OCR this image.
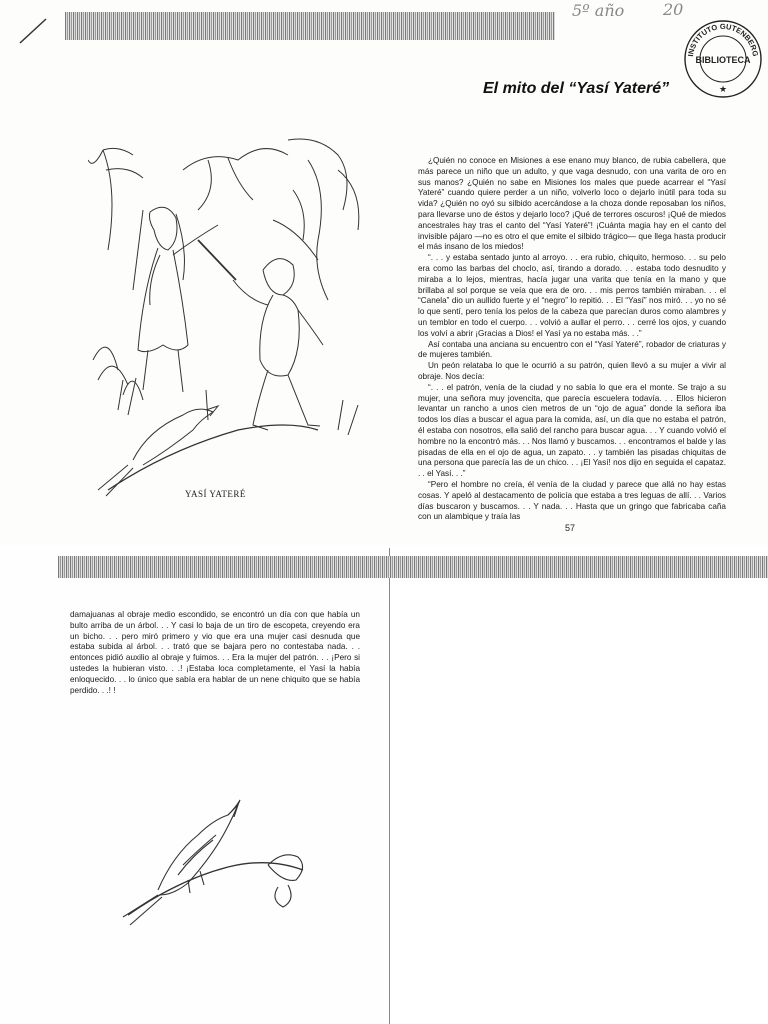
5º año 20
INSTITUTO GUTENBERG
BIBLIOTECA
★
El mito del “Yasí Yateré”
YASÍ YATERÉ

¿Quién no conoce en Misiones a ese enano muy blanco, de rubia cabellera, que más parece un niño que un adulto, y que vaga desnudo, con una varita de oro en sus manos? ¿Quién no sabe en Misiones los males que puede acarrear el “Yasí Yateré” cuando quiere perder a un niño, volverlo loco o dejarlo inútil para toda su vida? ¿Quién no oyó su silbido acercándose a la choza donde reposaban los niños, para llevarse uno de éstos y dejarlo loco? ¡Qué de terrores oscuros! ¡Qué de miedos ancestrales hay tras el canto del “Yasí Yateré”! ¡Cuánta magia hay en el canto del invisible pájaro —no es otro el que emite el silbido trágico— que llega hasta producir el más insano de los miedos!

“. . . y estaba sentado junto al arroyo. . . era rubio, chiquito, hermoso. . . su pelo era como las barbas del choclo, así, tirando a dorado. . . estaba todo desnudito y miraba a lo lejos, mientras, hacía jugar una varita que tenía en la mano y que brillaba al sol porque se veía que era de oro. . . mis perros también miraban. . . el “Canela” dio un aullido fuerte y el “negro” lo repitió. . . El “Yasí” nos miró. . . yo no sé lo que sentí, pero tenía los pelos de la cabeza que parecían duros como alambres y un temblor en todo el cuerpo. . . volvió a aullar el perro. . . cerré los ojos, y cuando los volví a abrir ¡Gracias a Dios! el Yasí ya no estaba más. . .”

Así contaba una anciana su encuentro con el “Yasí Yateré”, robador de criaturas y de mujeres también.

Un peón relataba lo que le ocurrió a su patrón, quien llevó a su mujer a vivir al obraje. Nos decía:

“. . . el patrón, venía de la ciudad y no sabía lo que era el monte. Se trajo a su mujer, una señora muy jovencita, que parecía escuelera todavía. . . Ellos hicieron levantar un rancho a unos cien metros de un “ojo de agua” donde la señora iba todos los días a buscar el agua para la comida, así, un día que no estaba el patrón, él estaba con nosotros, ella salió del rancho para buscar agua. . . Y cuando volvió el hombre no la encontró más. . . Nos llamó y buscamos. . . encontramos el balde y las pisadas de ella en el ojo de agua, un zapato. . . y también las pisadas chiquitas de una persona que parecía las de un chico. . . ¡El Yasí! nos dijo en seguida el capataz. . . el Yasí. . .”

“Pero el hombre no creía, él venía de la ciudad y parece que allá no hay estas cosas. Y apeló al destacamento de policía que estaba a tres leguas de allí. . . Varios días buscaron y buscamos. . . Y nada. . . Hasta que un gringo que fabricaba caña con un alambique y traía las

57

damajuanas al obraje medio escondido, se encontró un día con que había un bulto arriba de un árbol. . . Y casi lo baja de un tiro de escopeta, creyendo era un bicho. . . pero miró primero y vio que era una mujer casi desnuda que estaba subida al árbol. . . trató que se bajara pero no contestaba nada. . . entonces pidió auxilio al obraje y fuimos. . . Era la mujer del patrón. . . ¡Pero si ustedes la hubieran visto. . .! ¡Estaba loca completamente, el Yasí la había enloquecido. . . lo único que sabía era hablar de un nene chiquito que se había perdido. . .! !
